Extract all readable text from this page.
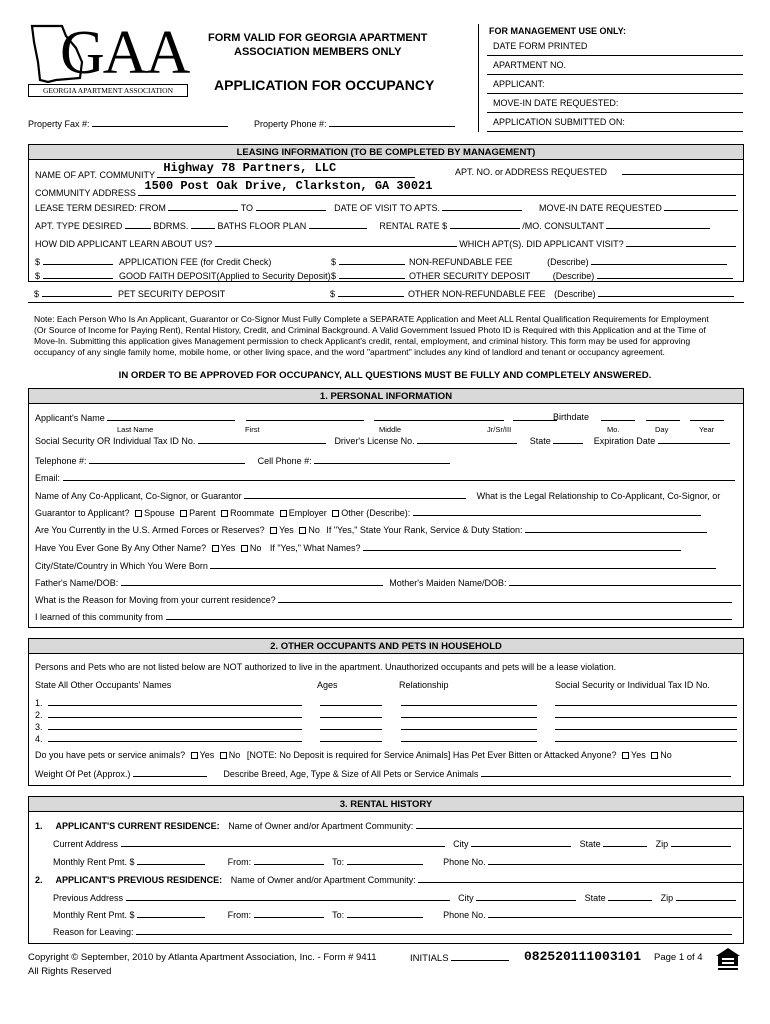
GAA
GEORGIA APARTMENT ASSOCIATION
FORM VALID FOR GEORGIA APARTMENT
ASSOCIATION MEMBERS ONLY
APPLICATION FOR OCCUPANCY
Property Fax #:	Property Phone #:
FOR MANAGEMENT USE ONLY:
DATE FORM PRINTED
APARTMENT NO.
APPLICANT:
MOVE-IN DATE REQUESTED:
APPLICATION SUBMITTED ON:
LEASING INFORMATION (TO BE COMPLETED BY MANAGEMENT)
NAME OF APT. COMMUNITY Highway 78 Partners, LLC	APT. NO. or ADDRESS REQUESTED
COMMUNITY ADDRESS 1500 Post Oak Drive, Clarkston, GA 30021
LEASE TERM DESIRED: FROM	TO	DATE OF VISIT TO APTS.	MOVE-IN DATE REQUESTED
APT. TYPE DESIRED	BDRMS.	BATHS FLOOR PLAN	RENTAL RATE $	/MO. CONSULTANT
HOW DID APPLICANT LEARN ABOUT US?	WHICH APT(S). DID APPLICANT VISIT?
$	APPLICATION FEE (for Credit Check)	$	NON-REFUNDABLE FEE	(Describe)
$	GOOD FAITH DEPOSIT(Applied to Security Deposit) $	OTHER SECURITY DEPOSIT	(Describe)
$	PET SECURITY DEPOSIT	$	OTHER NON-REFUNDABLE FEE (Describe)
Note: Each Person Who Is An Applicant, Guarantor or Co-Signor Must Fully Complete a SEPARATE Application and Meet ALL Rental Qualification Requirements for Employment
(Or Source of Income for Paying Rent), Rental History, Credit, and Criminal Background. A Valid Government Issued Photo ID is Required with this Application and at the Time of
Move-In. Submitting this application gives Management permission to check Applicant's credit, rental, employment, and criminal history. This form may be used for approving
occupancy of any single family home, mobile home, or other living space, and the word "apartment" includes any kind of landlord and tenant or occupancy agreement.
IN ORDER TO BE APPROVED FOR OCCUPANCY, ALL QUESTIONS MUST BE FULLY AND COMPLETELY ANSWERED.
1. PERSONAL INFORMATION
Applicant's Name	Birthdate

Last Name	First	Middle	Jr/Sr/III	Mo.	Day	Year
Social Security OR Individual Tax ID No.	Driver's License No.	State	Expiration Date
Telephone #:	Cell Phone #:
Email:
Name of Any Co-Applicant, Co-Signor, or Guarantor	What is the Legal Relationship to Co-Applicant, Co-Signor, or
Guarantor to Applicant? Spouse Parent Roommate Employer Other (Describe):
Are You Currently in the U.S. Armed Forces or Reserves? Yes No If "Yes," State Your Rank, Service & Duty Station:
Have You Ever Gone By Any Other Name? Yes No If "Yes," What Names?
City/State/Country in Which You Were Born
Father's Name/DOB:	Mother's Maiden Name/DOB:
What is the Reason for Moving from your current residence?
I learned of this community from
2. OTHER OCCUPANTS AND PETS IN HOUSEHOLD
Persons and Pets who are not listed below are NOT authorized to live in the apartment. Unauthorized occupants and pets will be a lease violation.
State All Other Occupants' Names	Ages	Relationship	Social Security or Individual Tax ID No.
1.
2.
3.
4.
Do you have pets or service animals? Yes No [NOTE: No Deposit is required for Service Animals] Has Pet Ever Bitten or Attacked Anyone? Yes No
Weight Of Pet (Approx.)	Describe Breed, Age, Type & Size of All Pets or Service Animals
3. RENTAL HISTORY
1. APPLICANT'S CURRENT RESIDENCE: Name of Owner and/or Apartment Community:
Current Address	City	State	Zip
Monthly Rent Pmt. $	From:	To:	Phone No.
2. APPLICANT'S PREVIOUS RESIDENCE: Name of Owner and/or Apartment Community:
Previous Address	City	State	Zip
Monthly Rent Pmt. $	From:	To:	Phone No.
Reason for Leaving:
Copyright © September, 2010 by Atlanta Apartment Association, Inc. - Form # 9411
All Rights Reserved
INITIALS	082520111003101 Page 1 of 4
